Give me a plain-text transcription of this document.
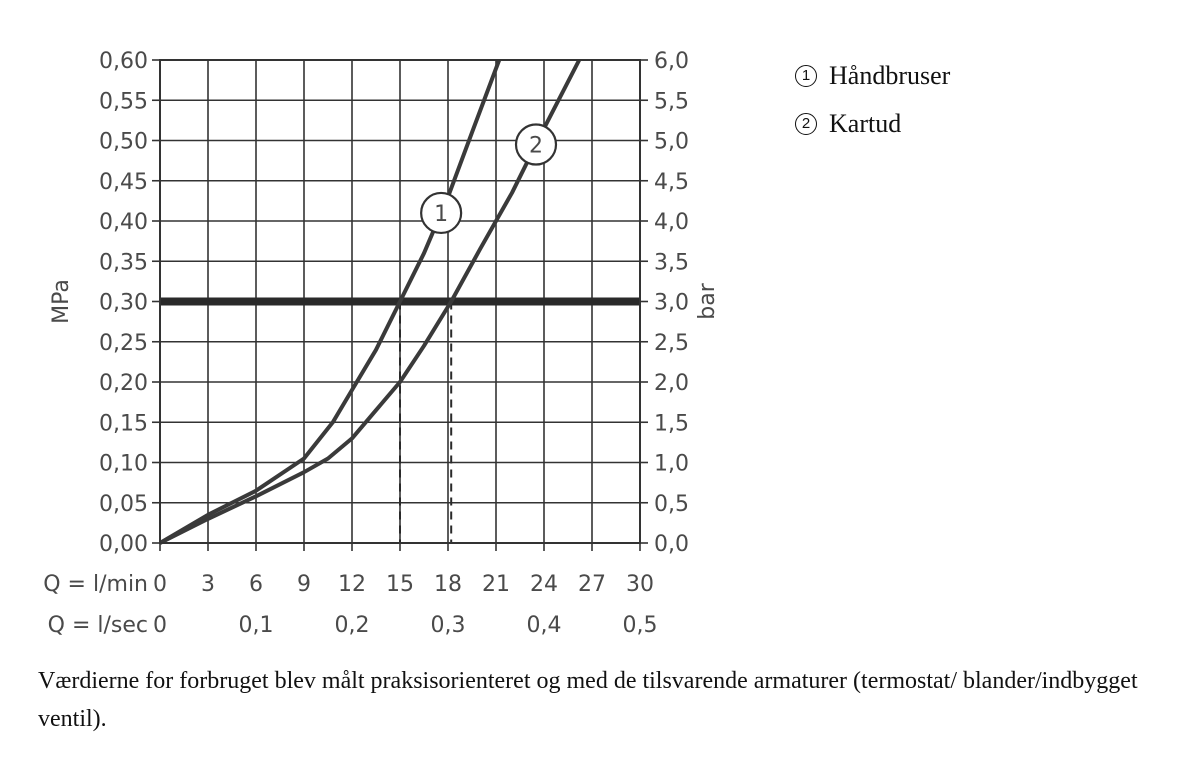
0,00	0,0
0,05	0,5
0,10	1,0
0,15	1,5
0,20	2,0
0,25	2,5
0,30	3,0
0,35	3,5
0,40	4,0
0,45	4,5
0,50	5,0
0,55	5,5
0,60	6,0
0 3 6 9 12 15 18 21 24 27 30
0	0,1	0,2	0,3	0,4	0,5
Q = l/min
Q = l/sec
MPa	bar
1
2
1 Håndbruser
2 Kartud
Værdierne for forbruget blev målt praksisorienteret og med de tilsvarende armaturer (termostat/ blander/indbygget ventil).
